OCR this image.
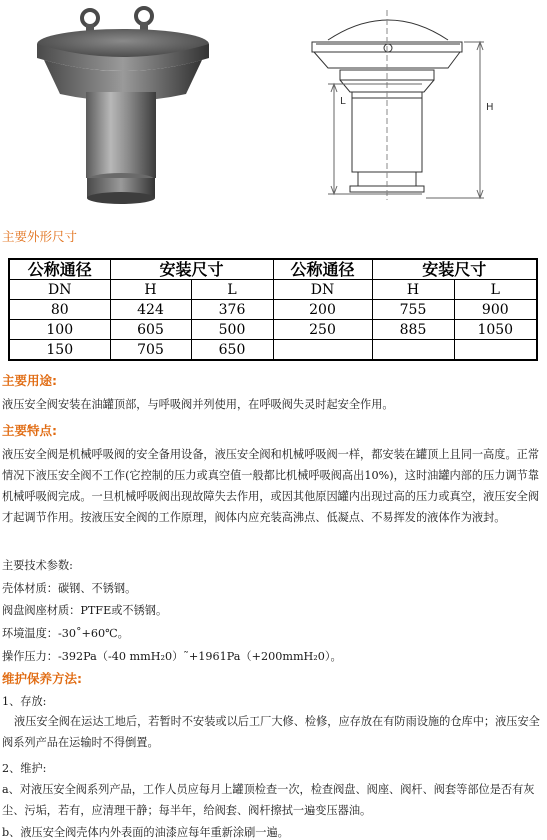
L
H
主要外形尺寸
公称通径	安装尺寸		公称通径	安装尺寸	
DN	H	L	DN	H	L
80	424	376	200	755	900
100	605	500	250	885	1050
150	705	650			
主要用途:
液压安全阀安装在油罐顶部，与呼吸阀并列使用，在呼吸阀失灵时起安全作用。
主要特点:
液压安全阀是机械呼吸阀的安全备用设备，液压安全阀和机械呼吸阀一样，都安装在罐顶上且同一高度。正常情况下液压安全阀不工作(它控制的压力或真空值一般都比机械呼吸阀高出10%)，这时油罐内部的压力调节靠机械呼吸阀完成。一旦机械呼吸阀出现故障失去作用，或因其他原因罐内出现过高的压力或真空，液压安全阀才起调节作用。按液压安全阀的工作原理，阀体内应充装高沸点、低凝点、不易挥发的液体作为液封。
主要技术参数:
壳体材质：碳钢、不锈钢。
阀盘阀座材质：PTFE或不锈钢。
环境温度：-30˚+60℃。
操作压力：-392Pa（-40 mmH₂0）˜+1961Pa（+200mmH₂0）。
维护保养方法:
1、存放:
液压安全阀在运达工地后，若暂时不安装或以后工厂大修、检修，应存放在有防雨设施的仓库中；液压安全阀系列产品在运输时不得倒置。
2、维护:
a、对液压安全阀系列产品，工作人员应每月上罐顶检查一次，检查阀盘、阀座、阀杆、阀套等部位是否有灰尘、污垢，若有，应清理干静；每半年，给阀套、阀杆擦拭一遍变压器油。
b、液压安全阀壳体内外表面的油漆应每年重新涂刷一遍。
